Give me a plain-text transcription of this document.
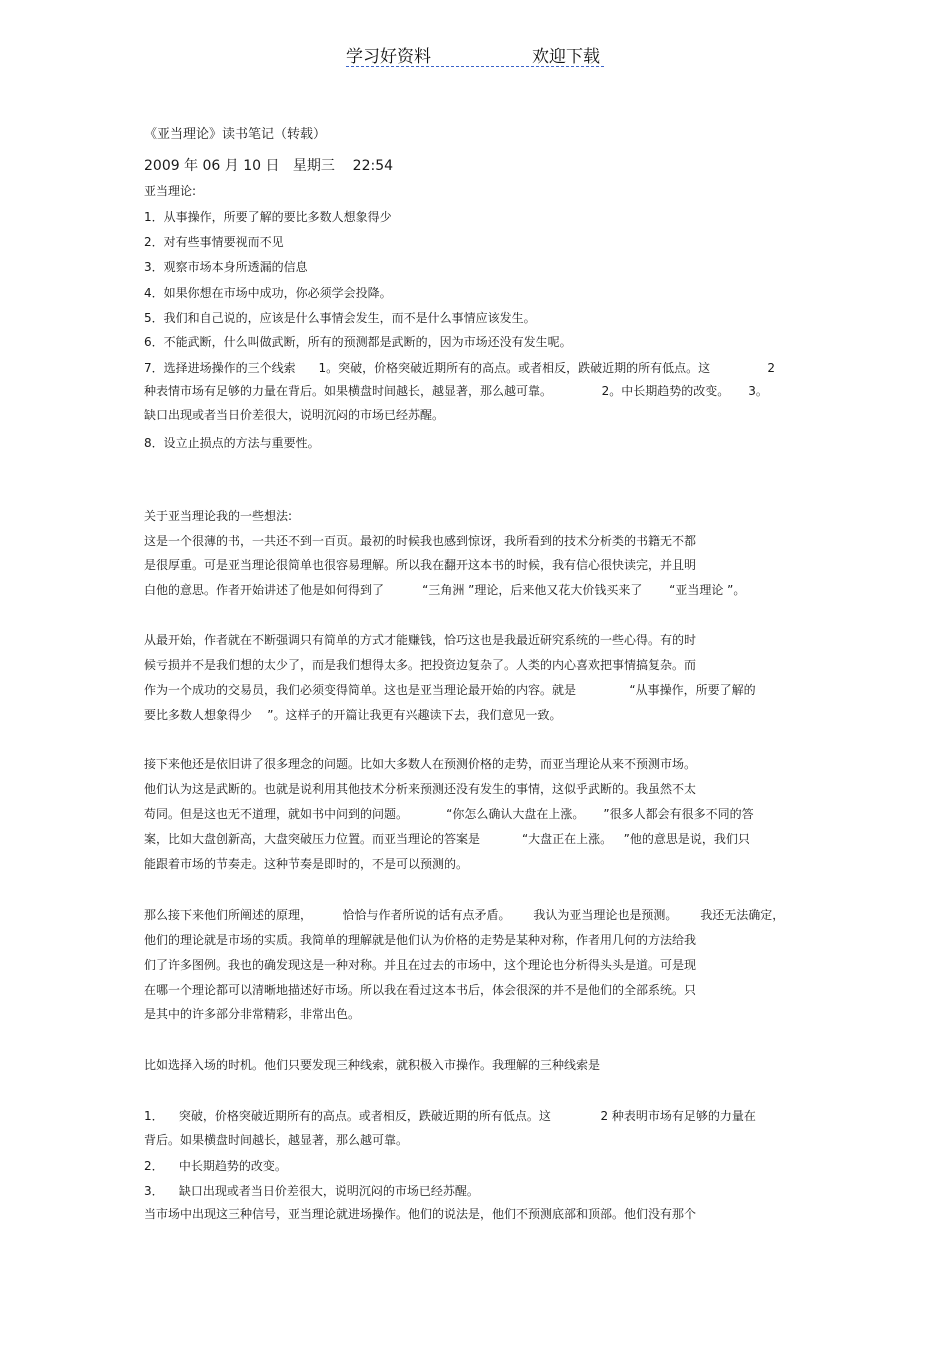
学习好资料	欢迎下载
《亚当理论》读书笔记（转载）
2009 年 06 月 10 日   星期三    22:54
亚当理论:
1．从事操作，所要了解的要比多数人想象得少
2．对有些事情要视而不见
3．观察市场本身所透漏的信息
4．如果你想在市场中成功，你必须学会投降。
5．我们和自己说的，应该是什么事情会发生，而不是什么事情应该发生。
6．不能武断，什么叫做武断，所有的预测都是武断的，因为市场还没有发生呢。
7．选择进场操作的三个线索      1。突破，价格突破近期所有的高点。或者相反，跌破近期的所有低点。这               2
种表情市场有足够的力量在背后。如果横盘时间越长，越显著，那么越可靠。             2。中长期趋势的改变。     3。
缺口出现或者当日价差很大，说明沉闷的市场已经苏醒。
8．设立止损点的方法与重要性。
关于亚当理论我的一些想法:
这是一个很薄的书，一共还不到一百页。最初的时候我也感到惊讶，我所看到的技术分析类的书籍无不都
是很厚重。可是亚当理论很简单也很容易理解。所以我在翻开这本书的时候，我有信心很快读完，并且明
白他的意思。作者开始讲述了他是如何得到了          “三角洲 ”理论，后来他又花大价钱买来了       “亚当理论 ”。
从最开始，作者就在不断强调只有简单的方式才能赚钱，恰巧这也是我最近研究系统的一些心得。有的时
候亏损并不是我们想的太少了，而是我们想得太多。把投资边复杂了。人类的内心喜欢把事情搞复杂。而
作为一个成功的交易员，我们必须变得简单。这也是亚当理论最开始的内容。就是              “从事操作，所要了解的
要比多数人想象得少    ”。这样子的开篇让我更有兴趣读下去，我们意见一致。
接下来他还是依旧讲了很多理念的问题。比如大多数人在预测价格的走势，而亚当理论从来不预测市场。
他们认为这是武断的。也就是说利用其他技术分析来预测还没有发生的事情，这似乎武断的。我虽然不太
苟同。但是这也无不道理，就如书中问到的问题。          “你怎么确认大盘在上涨。     ”很多人都会有很多不同的答
案，比如大盘创新高，大盘突破压力位置。而亚当理论的答案是           “大盘正在上涨。   ”他的意思是说，我们只
能跟着市场的节奏走。这种节奏是即时的，不是可以预测的。
那么接下来他们所阐述的原理，        恰恰与作者所说的话有点矛盾。      我认为亚当理论也是预测。      我还无法确定，
他们的理论就是市场的实质。我简单的理解就是他们认为价格的走势是某种对称，作者用几何的方法给我
们了许多图例。我也的确发现这是一种对称。并且在过去的市场中，这个理论也分析得头头是道。可是现
在哪一个理论都可以清晰地描述好市场。所以我在看过这本书后，体会很深的并不是他们的全部系统。只
是其中的许多部分非常精彩，非常出色。
比如选择入场的时机。他们只要发现三种线索，就积极入市操作。我理解的三种线索是
1．    突破，价格突破近期所有的高点。或者相反，跌破近期的所有低点。这             2 种表明市场有足够的力量在
背后。如果横盘时间越长，越显著，那么越可靠。
2．    中长期趋势的改变。
3．    缺口出现或者当日价差很大，说明沉闷的市场已经苏醒。
当市场中出现这三种信号，亚当理论就进场操作。他们的说法是，他们不预测底部和顶部。他们没有那个
